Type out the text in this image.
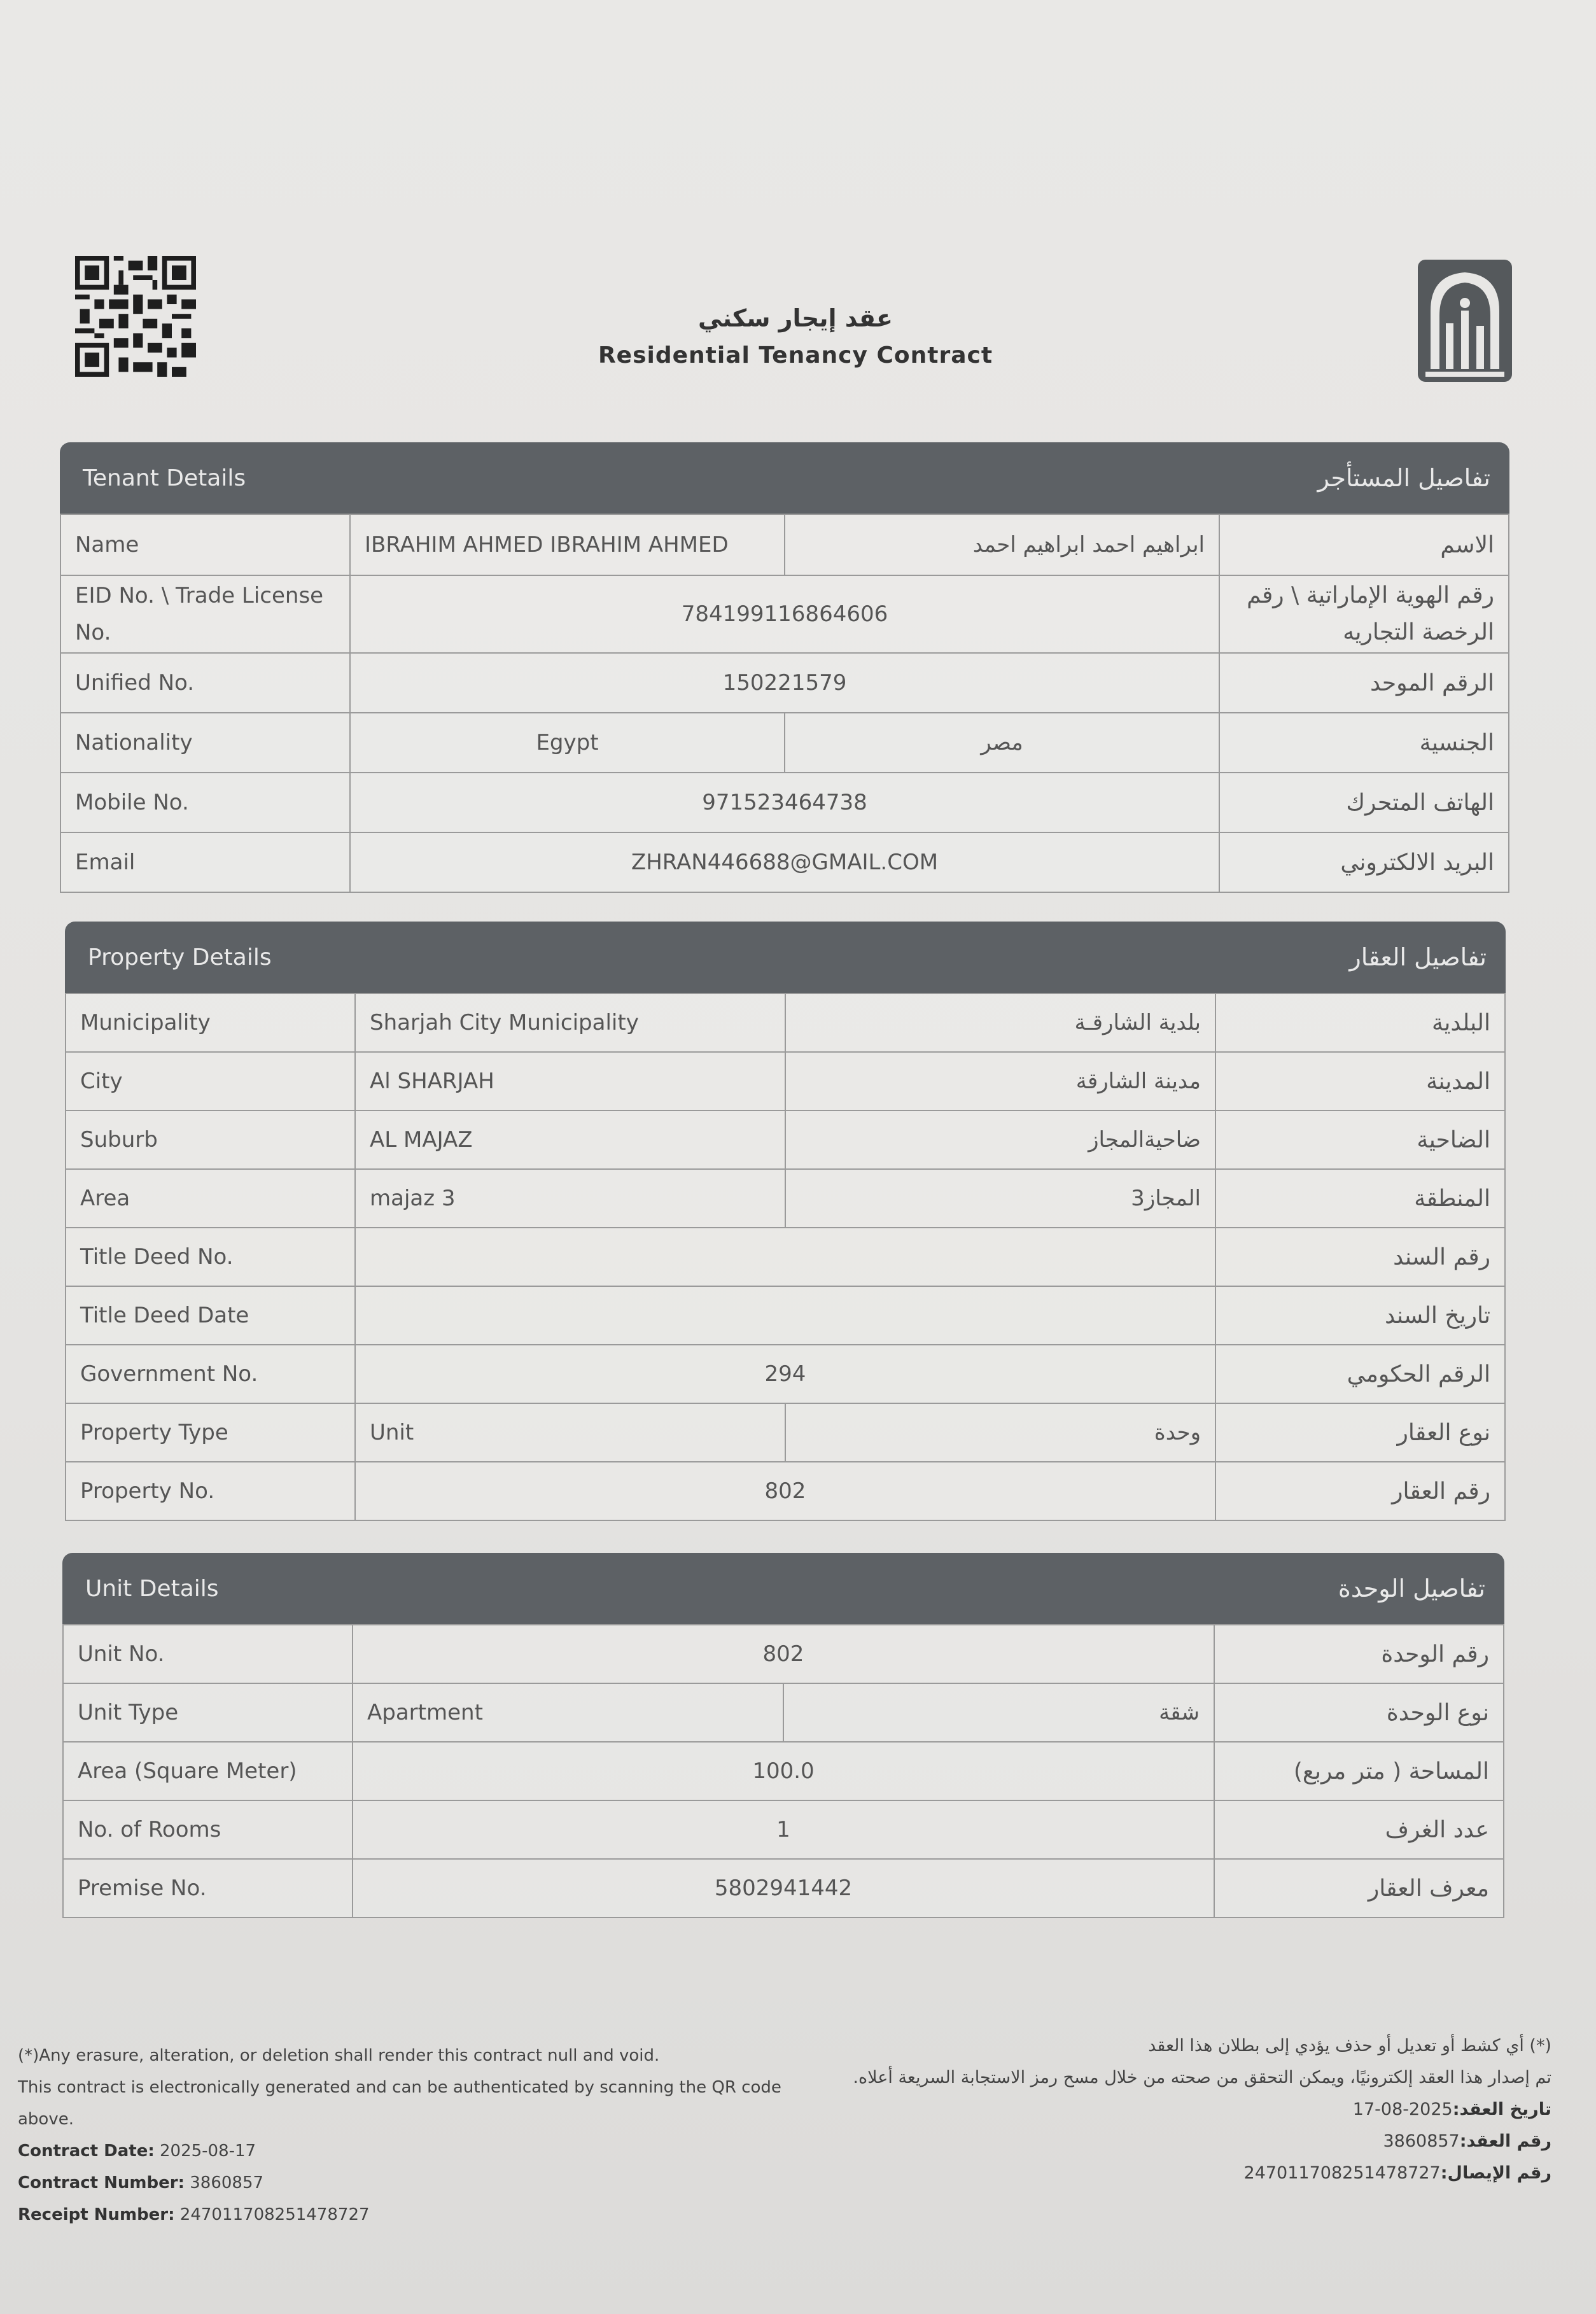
عقد إيجار سكني
Residential Tenancy Contract
Tenant Details	تفاصيل المستأجر
Name	IBRAHIM AHMED IBRAHIM AHMED	ابراهيم احمد ابراهيم احمد	الاسم
EID No. \ Trade License No.	784199116864606		رقم الهوية الإماراتية \ رقم الرخصة التجاريه
Unified No.	150221579		الرقم الموحد
Nationality	Egypt	مصر	الجنسية
Mobile No.	971523464738		الهاتف المتحرك
Email	ZHRAN446688@GMAIL.COM		البريد الالكتروني
Property Details	تفاصيل العقار
Municipality	Sharjah City Municipality	بلدية الشارقـة	البلدية
City	Al SHARJAH	مدينة الشارقة	المدينة
Suburb	AL MAJAZ	ضاحيةالمجاز	الضاحية
Area	majaz 3	المجاز3	المنطقة
Title Deed No.			رقم السند
Title Deed Date			تاريخ السند
Government No.	294		الرقم الحكومي
Property Type	Unit	وحدة	نوع العقار
Property No.	802		رقم العقار
Unit Details	تفاصيل الوحدة
Unit No.	802		رقم الوحدة
Unit Type	Apartment	شقة	نوع الوحدة
Area (Square Meter)	100.0		المساحة ( متر مربع)
No. of Rooms	1		عدد الغرف
Premise No.	5802941442		معرف العقار
(*)Any erasure, alteration, or deletion shall render this contract null and void.
This contract is electronically generated and can be authenticated by scanning the QR code above.
Contract Date: 2025-08-17
Contract Number: 3860857
Receipt Number: 247011708251478727
(*) أي كشط أو تعديل أو حذف يؤدي إلى بطلان هذا العقد
تم إصدار هذا العقد إلكترونيًا، ويمكن التحقق من صحته من خلال مسح رمز الاستجابة السريعة أعلاه.
تاريخ العقد:2025-08-17
رقم العقد:3860857
رقم الإيصال:247011708251478727
